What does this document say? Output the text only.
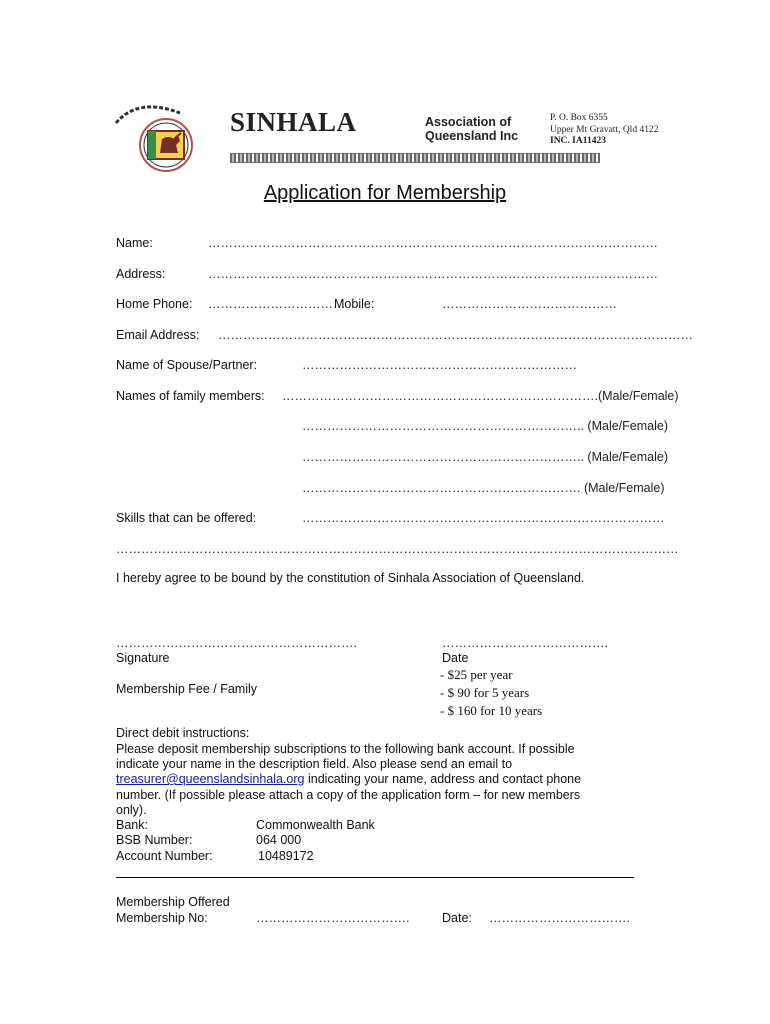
SINHALA	Association of
Queensland Inc
P. O. Box 6355
Upper Mt Gravatt, Qld 4122
INC. IA11423
Application for Membership
Name:	………………………………………………………………………………………………
Address:	………………………………………………………………………………………………
Home Phone: ……………………………
Mobile:	……………………………………
Email Address: ……………………………………………………………………………………………………
Name of Spouse/Partner:	…………………………………………………………
Names of family members: ………………………………………………………………….(Male/Female)
………………………………………………………….. (Male/Female)
………………………………………………………….. (Male/Female)
…………………………………………………………. (Male/Female)
Skills that can be offered:	……………………………………………………………………………
………………………………………………………………………………………………………………………
I hereby agree to be bound by the constitution of Sinhala Association of Queensland.
………………………………………………….
Signature
………………………………….
Date
Membership Fee / Family
- $25 per year
- $ 90 for 5 years
- $ 160 for 10 years
Direct debit instructions:
Please deposit membership subscriptions to the following bank account. If possible
indicate your name in the description field. Also please send an email to
treasurer@queenslandsinhala.org indicating your name, address and contact phone
number. (If possible please attach a copy of the application form – for new members
only).
Bank:	Commonwealth Bank
BSB Number:	064 000
Account Number:	10489172
Membership Offered
Membership No:	……………………………….	Date: …………………………….
